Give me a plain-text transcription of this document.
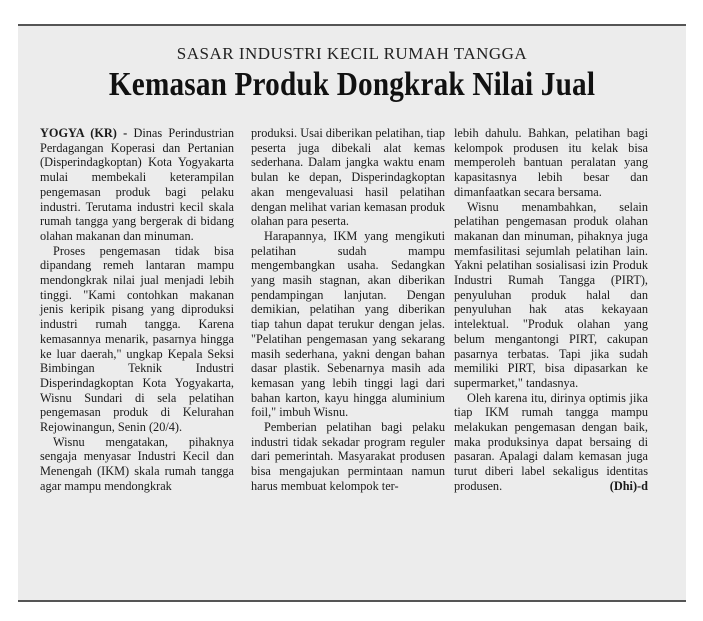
SASAR INDUSTRI KECIL RUMAH TANGGA
Kemasan Produk Dongkrak Nilai Jual

YOGYA (KR) - Dinas Perindustrian Perdagangan Koperasi dan Pertanian (Disperindagkoptan) Kota Yogyakarta mulai membekali keterampilan pengemasan produk bagi pelaku industri. Terutama industri kecil skala rumah tangga yang bergerak di bidang olahan makanan dan minuman.

Proses pengemasan tidak bisa dipandang remeh lantaran mampu mendongkrak nilai jual menjadi lebih tinggi. "Kami contohkan makanan jenis keripik pisang yang diproduksi industri rumah tangga. Karena kemasannya menarik, pasarnya hingga ke luar daerah," ungkap Kepala Seksi Bimbingan Teknik Industri Disperindagkoptan Kota Yogyakarta, Wisnu Sundari di sela pelatihan pengemasan produk di Kelurahan Rejowinangun, Senin (20/4).

Wisnu mengatakan, pihaknya sengaja menyasar Industri Kecil dan Menengah (IKM) skala rumah tangga agar mampu mendongkrak

produksi. Usai diberikan pelatihan, tiap peserta juga dibekali alat kemas sederhana. Dalam jangka waktu enam bulan ke depan, Disperindagkoptan akan mengevaluasi hasil pelatihan dengan melihat varian kemasan produk olahan para peserta.

Harapannya, IKM yang mengikuti pelatihan sudah mampu mengembangkan usaha. Sedangkan yang masih stagnan, akan diberikan pendampingan lanjutan. Dengan demikian, pelatihan yang diberikan tiap tahun dapat terukur dengan jelas. "Pelatihan pengemasan yang sekarang masih sederhana, yakni dengan bahan dasar plastik. Sebenarnya masih ada kemasan yang lebih tinggi lagi dari bahan karton, kayu hingga aluminium foil," imbuh Wisnu.

Pemberian pelatihan bagi pelaku industri tidak sekadar program reguler dari pemerintah. Masyarakat produsen bisa mengajukan permintaan namun harus membuat kelompok ter-

lebih dahulu. Bahkan, pelatihan bagi kelompok produsen itu kelak bisa memperoleh bantuan peralatan yang kapasitasnya lebih besar dan dimanfaatkan secara bersama.

Wisnu menambahkan, selain pelatihan pengemasan produk olahan makanan dan minuman, pihaknya juga memfasilitasi sejumlah pelatihan lain. Yakni pelatihan sosialisasi izin Produk Industri Rumah Tangga (PIRT), penyuluhan produk halal dan penyuluhan hak atas kekayaan intelektual. "Produk olahan yang belum mengantongi PIRT, cakupan pasarnya terbatas. Tapi jika sudah memiliki PIRT, bisa dipasarkan ke supermarket," tandasnya.

Oleh karena itu, dirinya optimis jika tiap IKM rumah tangga mampu melakukan pengemasan dengan baik, maka produksinya dapat bersaing di pasaran. Apalagi dalam kemasan juga turut diberi label sekaligus identitas produsen.	(Dhi)-d
